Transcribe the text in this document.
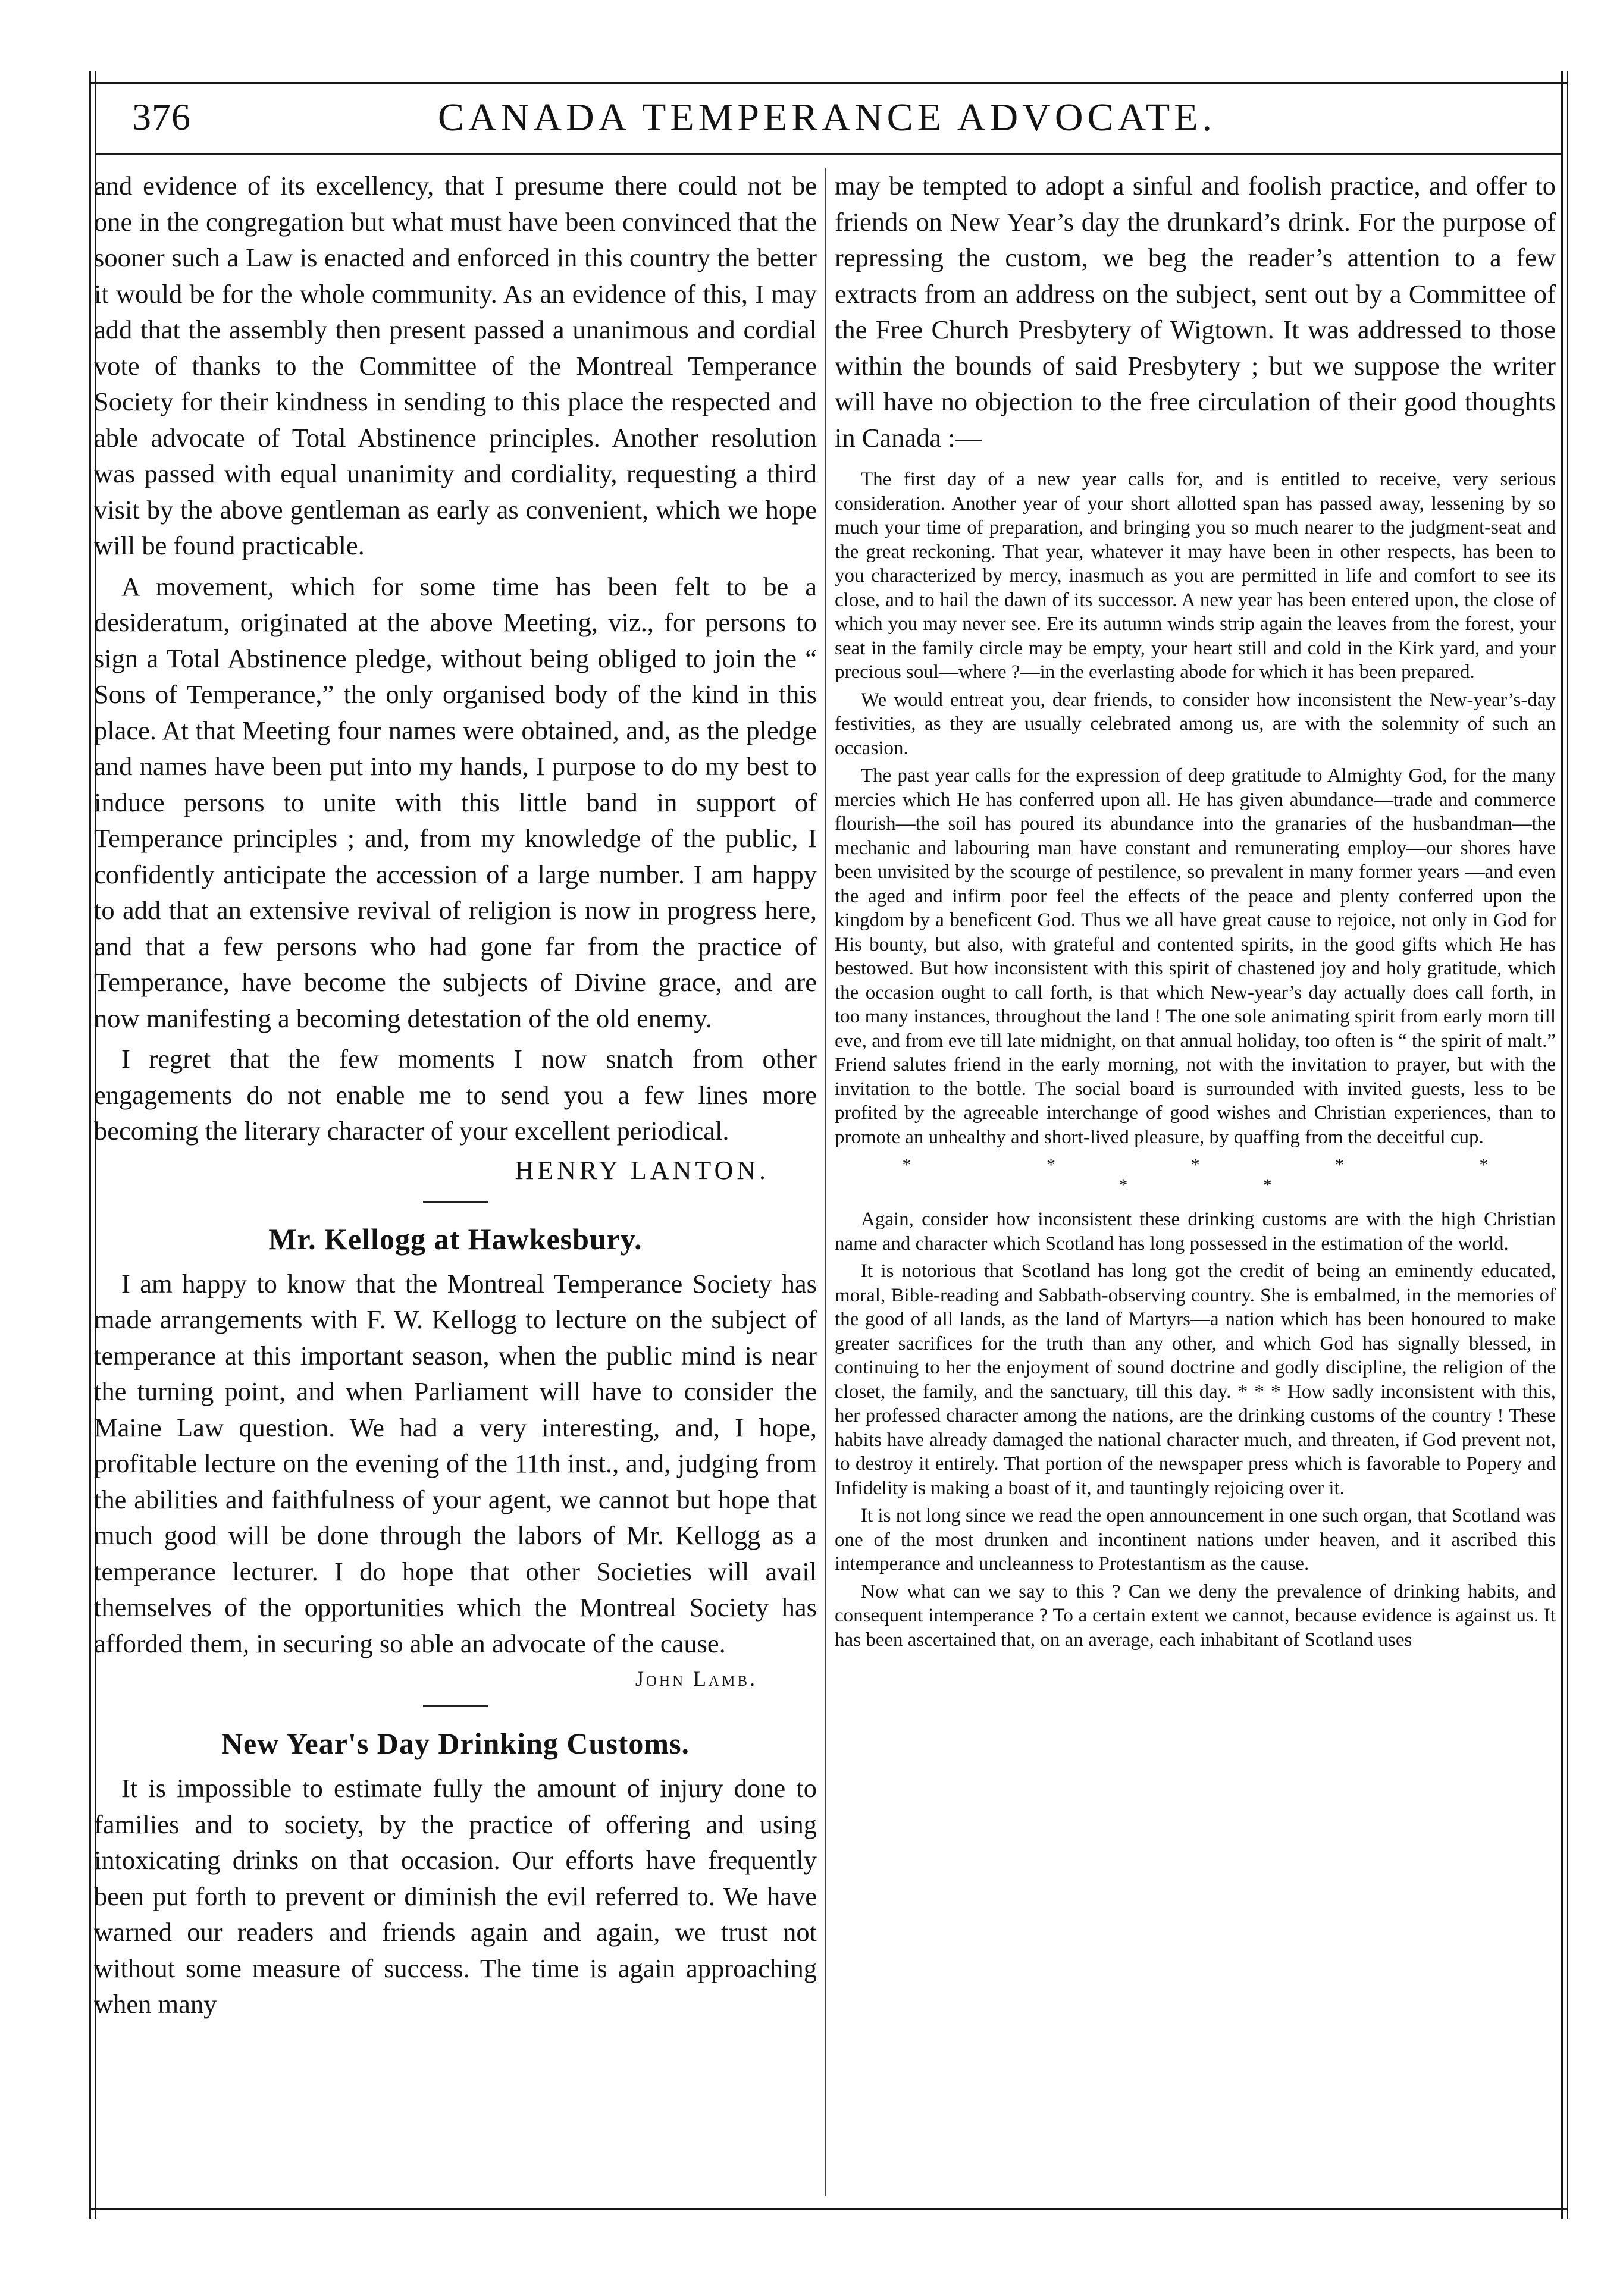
376	CANADA TEMPERANCE ADVOCATE.

and evidence of its excellency, that I presume there could not be one in the congregation but what must have been convinced that the sooner such a Law is enacted and enforced in this country the better it would be for the whole community. As an evidence of this, I may add that the assembly then present passed a unanimous and cordial vote of thanks to the Committee of the Montreal Temperance Society for their kindness in sending to this place the respected and able advocate of Total Abstinence principles. Another resolution was passed with equal unanimity and cordiality, requesting a third visit by the above gentleman as early as convenient, which we hope will be found practicable.

A movement, which for some time has been felt to be a desideratum, originated at the above Meeting, viz., for persons to sign a Total Abstinence pledge, without being obliged to join the “ Sons of Temperance,” the only organised body of the kind in this place. At that Meeting four names were obtained, and, as the pledge and names have been put into my hands, I purpose to do my best to induce persons to unite with this little band in support of Temperance principles ; and, from my knowledge of the public, I confidently anticipate the accession of a large number. I am happy to add that an extensive revival of religion is now in progress here, and that a few persons who had gone far from the practice of Temperance, have become the subjects of Divine grace, and are now manifesting a becoming detestation of the old enemy.

I regret that the few moments I now snatch from other engagements do not enable me to send you a few lines more becoming the literary character of your excellent periodical.

HENRY LANTON.
Mr. Kellogg at Hawkesbury.

I am happy to know that the Montreal Temperance Society has made arrangements with F. W. Kellogg to lecture on the subject of temperance at this important season, when the public mind is near the turning point, and when Parliament will have to consider the Maine Law question. We had a very interesting, and, I hope, profitable lecture on the evening of the 11th inst., and, judging from the abilities and faithfulness of your agent, we cannot but hope that much good will be done through the labors of Mr. Kellogg as a temperance lecturer. I do hope that other Societies will avail themselves of the opportunities which the Montreal Society has afforded them, in securing so able an advocate of the cause.

John Lamb.
New Year's Day Drinking Customs.

It is impossible to estimate fully the amount of injury done to families and to society, by the practice of offering and using intoxicating drinks on that occasion. Our efforts have frequently been put forth to prevent or diminish the evil referred to. We have warned our readers and friends again and again, we trust not without some measure of success. The time is again approaching when many

may be tempted to adopt a sinful and foolish practice, and offer to friends on New Year’s day the drunkard’s drink. For the purpose of repressing the custom, we beg the reader’s attention to a few extracts from an address on the subject, sent out by a Committee of the Free Church Presbytery of Wigtown. It was addressed to those within the bounds of said Presbytery ; but we suppose the writer will have no objection to the free circulation of their good thoughts in Canada :—

The first day of a new year calls for, and is entitled to receive, very serious consideration. Another year of your short allotted span has passed away, lessening by so much your time of preparation, and bringing you so much nearer to the judgment-seat and the great reckoning. That year, whatever it may have been in other respects, has been to you characterized by mercy, inasmuch as you are permitted in life and comfort to see its close, and to hail the dawn of its successor. A new year has been entered upon, the close of which you may never see. Ere its autumn winds strip again the leaves from the forest, your seat in the family circle may be empty, your heart still and cold in the Kirk yard, and your precious soul—where ?—in the everlasting abode for which it has been prepared.

We would entreat you, dear friends, to consider how inconsistent the New-year’s-day festivities, as they are usually celebrated among us, are with the solemnity of such an occasion.

The past year calls for the expression of deep gratitude to Almighty God, for the many mercies which He has conferred upon all. He has given abundance—trade and commerce flourish—the soil has poured its abundance into the granaries of the husbandman—the mechanic and labouring man have constant and remunerating employ—our shores have been unvisited by the scourge of pestilence, so prevalent in many former years —and even the aged and infirm poor feel the effects of the peace and plenty conferred upon the kingdom by a beneficent God. Thus we all have great cause to rejoice, not only in God for His bounty, but also, with grateful and contented spirits, in the good gifts which He has bestowed. But how inconsistent with this spirit of chastened joy and holy gratitude, which the occasion ought to call forth, is that which New-year’s day actually does call forth, in too many instances, throughout the land ! The one sole animating spirit from early morn till eve, and from eve till late midnight, on that annual holiday, too often is “ the spirit of malt.” Friend salutes friend in the early morning, not with the invitation to prayer, but with the invitation to the bottle. The social board is surrounded with invited guests, less to be profited by the agreeable interchange of good wishes and Christian experiences, than to promote an unhealthy and short-lived pleasure, by quaffing from the deceitful cup.

* * * * * * *

Again, consider how inconsistent these drinking customs are with the high Christian name and character which Scotland has long possessed in the estimation of the world.

It is notorious that Scotland has long got the credit of being an eminently educated, moral, Bible-reading and Sabbath-observing country. She is embalmed, in the memories of the good of all lands, as the land of Martyrs—a nation which has been honoured to make greater sacrifices for the truth than any other, and which God has signally blessed, in continuing to her the enjoyment of sound doctrine and godly discipline, the religion of the closet, the family, and the sanctuary, till this day. * * * How sadly inconsistent with this, her professed character among the nations, are the drinking customs of the country ! These habits have already damaged the national character much, and threaten, if God prevent not, to destroy it entirely. That portion of the newspaper press which is favorable to Popery and Infidelity is making a boast of it, and tauntingly rejoicing over it.

It is not long since we read the open announcement in one such organ, that Scotland was one of the most drunken and incontinent nations under heaven, and it ascribed this intemperance and uncleanness to Protestantism as the cause.

Now what can we say to this ? Can we deny the prevalence of drinking habits, and consequent intemperance ? To a certain extent we cannot, because evidence is against us. It has been ascertained that, on an average, each inhabitant of Scotland uses
